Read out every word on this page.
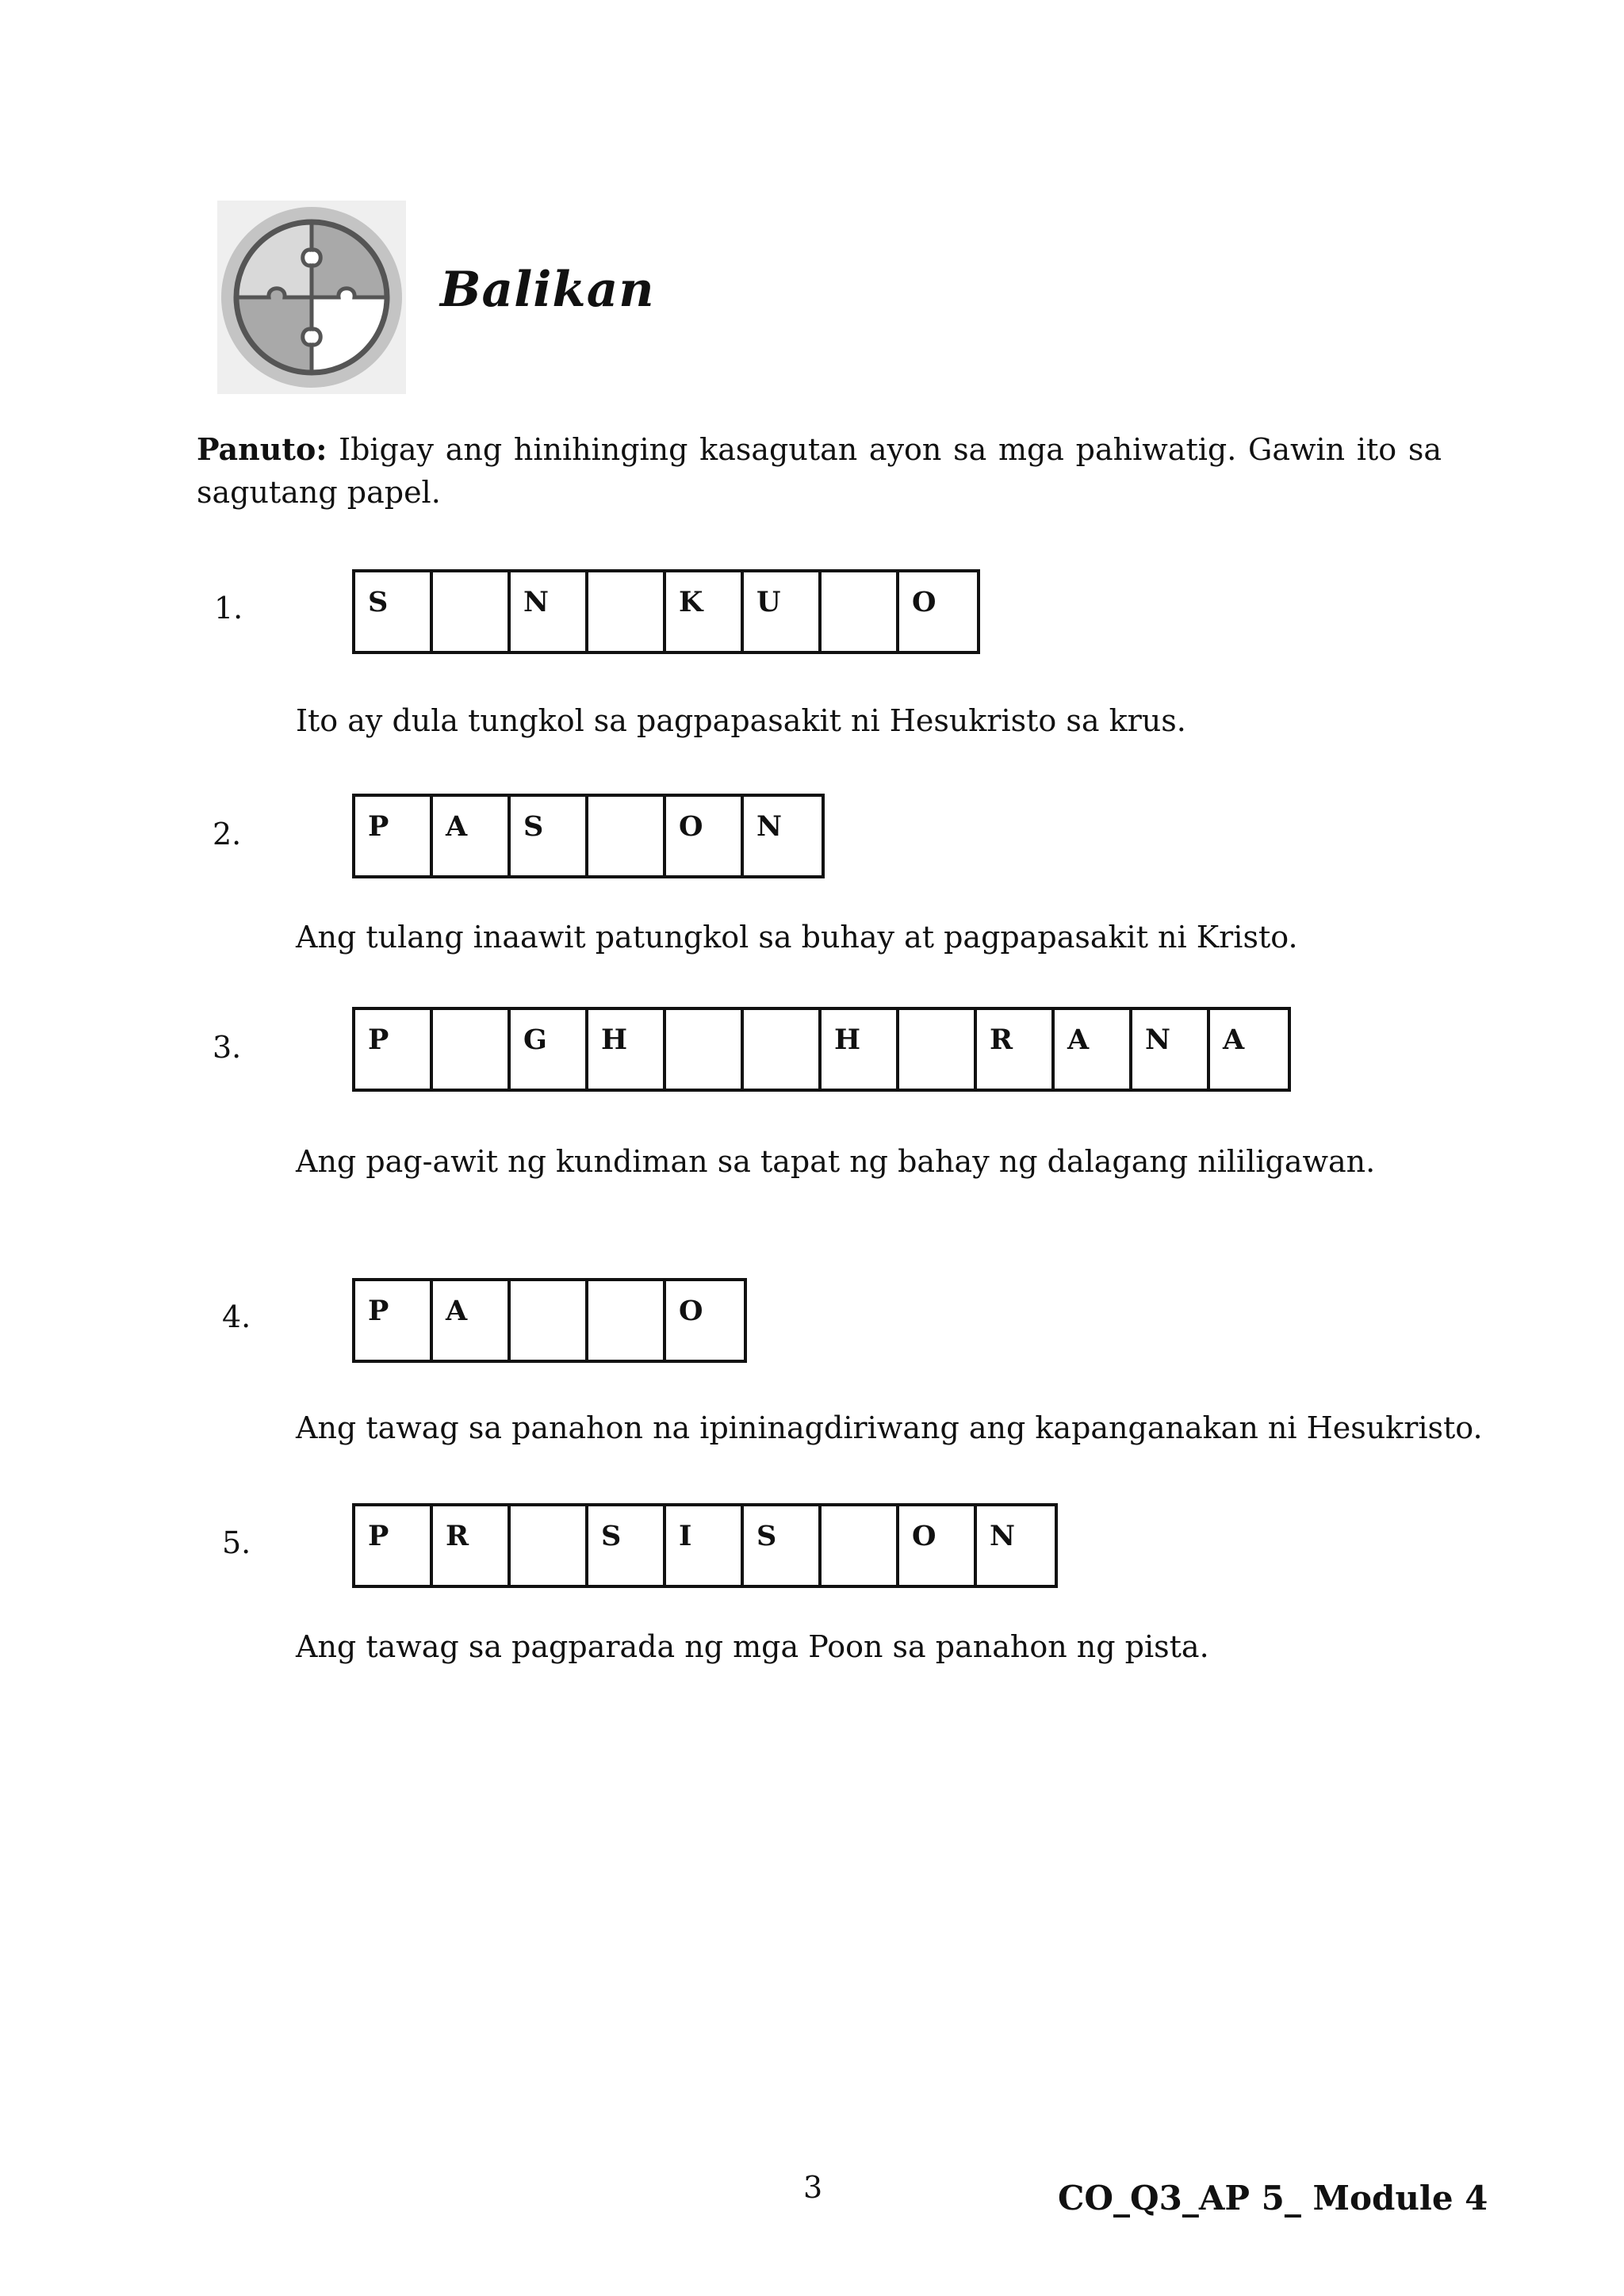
Balikan
Panuto: Ibigay ang hinihinging kasagutan ayon sa mga pahiwatig. Gawin ito sa sagutang papel.
1.	S	N	K	U	O
Ito ay dula tungkol sa pagpapasakit ni Hesukristo sa krus.
2.	P	A	S	O	N
Ang tulang inaawit patungkol sa buhay at pagpapasakit ni Kristo.
3.	P	G	H	H	R	A	N	A
Ang pag-awit ng kundiman sa tapat ng bahay ng dalagang nililigawan.
4.	P	A	O
Ang tawag sa panahon na ipininagdiriwang ang kapanganakan ni Hesukristo.
5.	P	R	S	I	S	O	N
Ang tawag sa pagparada ng mga Poon sa panahon ng pista.
3	CO_Q3_AP 5_ Module 4
